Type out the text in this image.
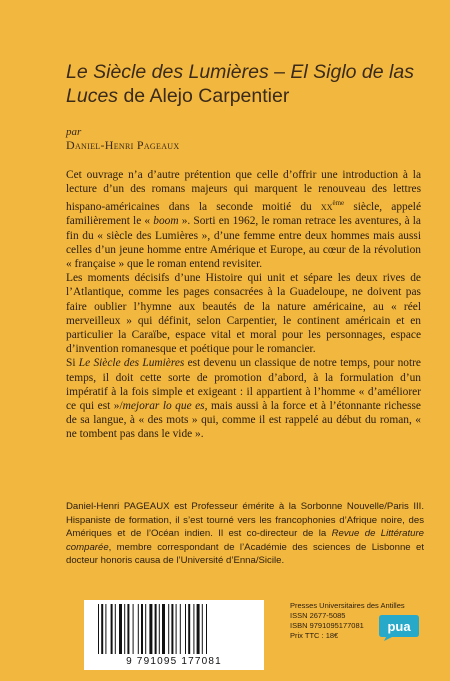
Le Siècle des Lumières – El Siglo de las Luces de Alejo Carpentier
par
Daniel-Henri Pageaux

Cet ouvrage n’a d’autre prétention que celle d’offrir une introduction à la lecture d’un des romans majeurs qui marquent le renouveau des lettres hispano-américaines dans la seconde moitié du $xx^{ème}$ siècle, appelé familièrement le « boom ». Sorti en 1962, le roman retrace les aventures, à la fin du « siècle des Lumières », d’une femme entre deux hommes mais aussi celles d’un jeune homme entre Amérique et Europe, au cœur de la révolution « française » que le roman entend revisiter.

Les moments décisifs d’une Histoire qui unit et sépare les deux rives de l’Atlantique, comme les pages consacrées à la Guadeloupe, ne doivent pas faire oublier l’hymne aux beautés de la nature américaine, au « réel merveilleux » qui définit, selon Carpentier, le continent américain et en particulier la Caraïbe, espace vital et moral pour les personnages, espace d’invention romanesque et poétique pour le romancier.

Si Le Siècle des Lumières est devenu un classique de notre temps, pour notre temps, il doit cette sorte de promotion d’abord, à la formulation d’un impératif à la fois simple et exigeant : il appartient à l’homme « d’améliorer ce qui est »/mejorar lo que es, mais aussi à la force et à l’étonnante richesse de sa langue, à « des mots » qui, comme il est rappelé au début du roman, « ne tombent pas dans le vide ».

Daniel-Henri PAGEAUX est Professeur émérite à la Sorbonne Nouvelle/Paris III. Hispaniste de formation, il s’est tourné vers les francophonies d’Afrique noire, des Amériques et de l’Océan indien. Il est co-directeur de la Revue de Littérature comparée, membre correspondant de l’Académie des sciences de Lisbonne et docteur honoris causa de l’Université d’Enna/Sicile.
9 791095 177081
Presses Universitaires des Antilles
ISSN 2677-5085
ISBN 9791095177081
Prix TTC : 18€
pua
